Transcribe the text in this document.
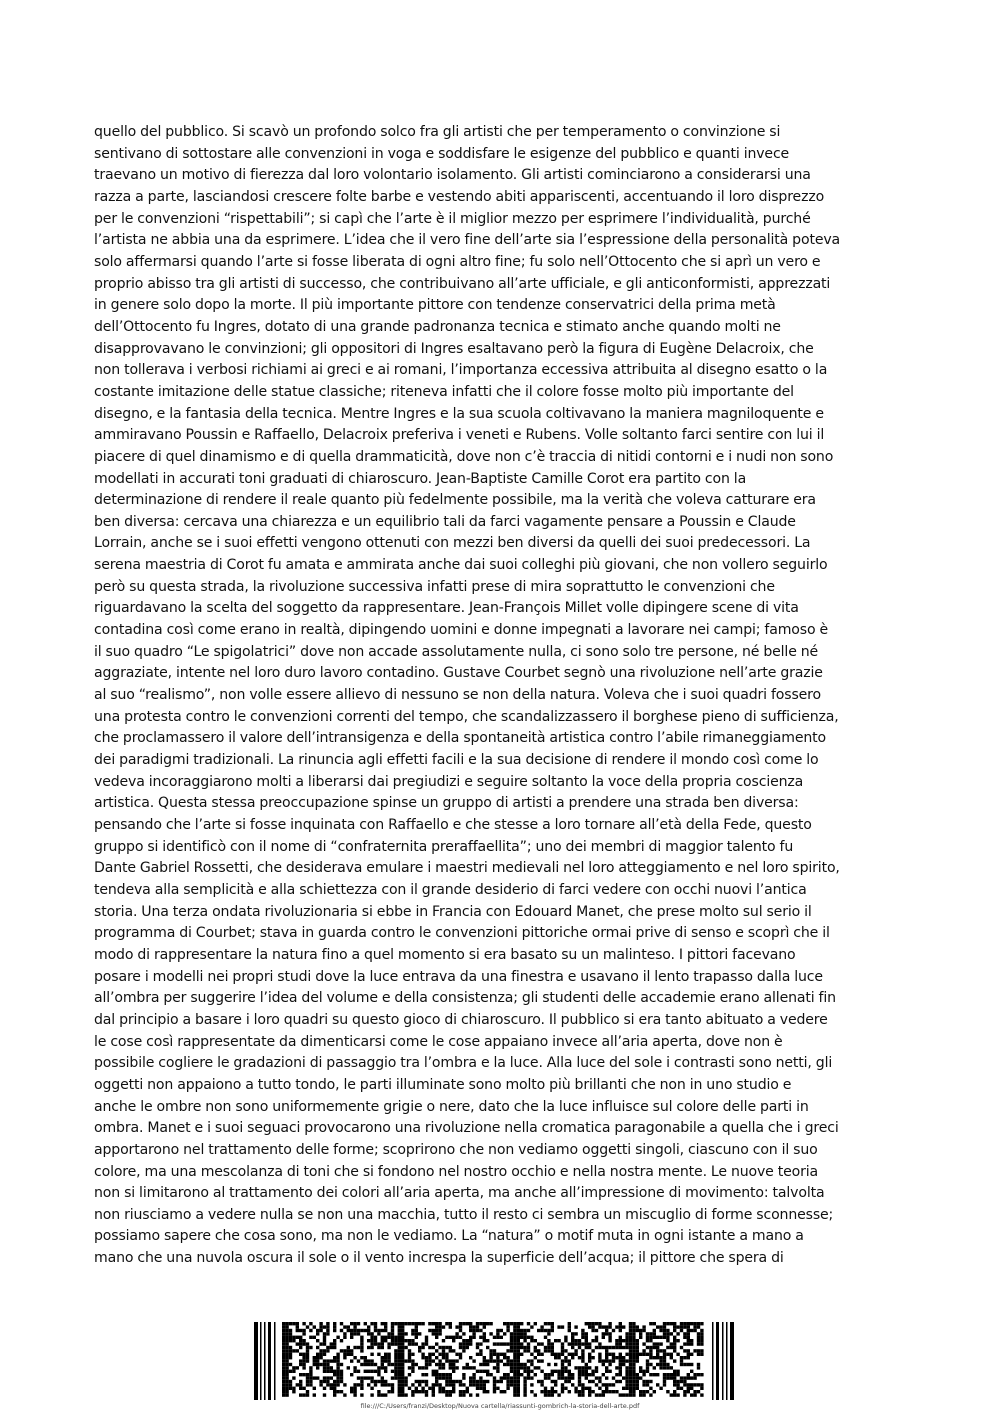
quello del pubblico. Si scavò un profondo solco fra gli artisti che per temperamento o convinzione si
sentivano di sottostare alle convenzioni in voga e soddisfare le esigenze del pubblico e quanti invece
traevano un motivo di fierezza dal loro volontario isolamento. Gli artisti cominciarono a considerarsi una
razza a parte, lasciandosi crescere folte barbe e vestendo abiti appariscenti, accentuando il loro disprezzo
per le convenzioni “rispettabili”; si capì che l’arte è il miglior mezzo per esprimere l’individualità, purché
l’artista ne abbia una da esprimere. L’idea che il vero fine dell’arte sia l’espressione della personalità poteva
solo affermarsi quando l’arte si fosse liberata di ogni altro fine; fu solo nell’Ottocento che si aprì un vero e
proprio abisso tra gli artisti di successo, che contribuivano all’arte ufficiale, e gli anticonformisti, apprezzati
in genere solo dopo la morte. Il più importante pittore con tendenze conservatrici della prima metà
dell’Ottocento fu Ingres, dotato di una grande padronanza tecnica e stimato anche quando molti ne
disapprovavano le convinzioni; gli oppositori di Ingres esaltavano però la figura di Eugène Delacroix, che
non tollerava i verbosi richiami ai greci e ai romani, l’importanza eccessiva attribuita al disegno esatto o la
costante imitazione delle statue classiche; riteneva infatti che il colore fosse molto più importante del
disegno, e la fantasia della tecnica. Mentre Ingres e la sua scuola coltivavano la maniera magniloquente e
ammiravano Poussin e Raffaello, Delacroix preferiva i veneti e Rubens. Volle soltanto farci sentire con lui il
piacere di quel dinamismo e di quella drammaticità, dove non c’è traccia di nitidi contorni e i nudi non sono
modellati in accurati toni graduati di chiaroscuro. Jean-Baptiste Camille Corot era partito con la
determinazione di rendere il reale quanto più fedelmente possibile, ma la verità che voleva catturare era
ben diversa: cercava una chiarezza e un equilibrio tali da farci vagamente pensare a Poussin e Claude
Lorrain, anche se i suoi effetti vengono ottenuti con mezzi ben diversi da quelli dei suoi predecessori. La
serena maestria di Corot fu amata e ammirata anche dai suoi colleghi più giovani, che non vollero seguirlo
però su questa strada, la rivoluzione successiva infatti prese di mira soprattutto le convenzioni che
riguardavano la scelta del soggetto da rappresentare. Jean-François Millet volle dipingere scene di vita
contadina così come erano in realtà, dipingendo uomini e donne impegnati a lavorare nei campi; famoso è
il suo quadro “Le spigolatrici” dove non accade assolutamente nulla, ci sono solo tre persone, né belle né
aggraziate, intente nel loro duro lavoro contadino. Gustave Courbet segnò una rivoluzione nell’arte grazie
al suo “realismo”, non volle essere allievo di nessuno se non della natura. Voleva che i suoi quadri fossero
una protesta contro le convenzioni correnti del tempo, che scandalizzassero il borghese pieno di sufficienza,
che proclamassero il valore dell’intransigenza e della spontaneità artistica contro l’abile rimaneggiamento
dei paradigmi tradizionali. La rinuncia agli effetti facili e la sua decisione di rendere il mondo così come lo
vedeva incoraggiarono molti a liberarsi dai pregiudizi e seguire soltanto la voce della propria coscienza
artistica. Questa stessa preoccupazione spinse un gruppo di artisti a prendere una strada ben diversa:
pensando che l’arte si fosse inquinata con Raffaello e che stesse a loro tornare all’età della Fede, questo
gruppo si identificò con il nome di “confraternita preraffaellita”; uno dei membri di maggior talento fu
Dante Gabriel Rossetti, che desiderava emulare i maestri medievali nel loro atteggiamento e nel loro spirito,
tendeva alla semplicità e alla schiettezza con il grande desiderio di farci vedere con occhi nuovi l’antica
storia. Una terza ondata rivoluzionaria si ebbe in Francia con Edouard Manet, che prese molto sul serio il
programma di Courbet; stava in guarda contro le convenzioni pittoriche ormai prive di senso e scoprì che il
modo di rappresentare la natura fino a quel momento si era basato su un malinteso. I pittori facevano
posare i modelli nei propri studi dove la luce entrava da una finestra e usavano il lento trapasso dalla luce
all’ombra per suggerire l’idea del volume e della consistenza; gli studenti delle accademie erano allenati fin
dal principio a basare i loro quadri su questo gioco di chiaroscuro. Il pubblico si era tanto abituato a vedere
le cose così rappresentate da dimenticarsi come le cose appaiano invece all’aria aperta, dove non è
possibile cogliere le gradazioni di passaggio tra l’ombra e la luce. Alla luce del sole i contrasti sono netti, gli
oggetti non appaiono a tutto tondo, le parti illuminate sono molto più brillanti che non in uno studio e
anche le ombre non sono uniformemente grigie o nere, dato che la luce influisce sul colore delle parti in
ombra. Manet e i suoi seguaci provocarono una rivoluzione nella cromatica paragonabile a quella che i greci
apportarono nel trattamento delle forme; scoprirono che non vediamo oggetti singoli, ciascuno con il suo
colore, ma una mescolanza di toni che si fondono nel nostro occhio e nella nostra mente. Le nuove teoria
non si limitarono al trattamento dei colori all’aria aperta, ma anche all’impressione di movimento: talvolta
non riusciamo a vedere nulla se non una macchia, tutto il resto ci sembra un miscuglio di forme sconnesse;
possiamo sapere che cosa sono, ma non le vediamo. La “natura” o motif muta in ogni istante a mano a
mano che una nuvola oscura il sole o il vento increspa la superficie dell’acqua; il pittore che spera di
file:///C:/Users/franzi/Desktop/Nuova cartella/riassunti-gombrich-la-storia-dell-arte.pdf
